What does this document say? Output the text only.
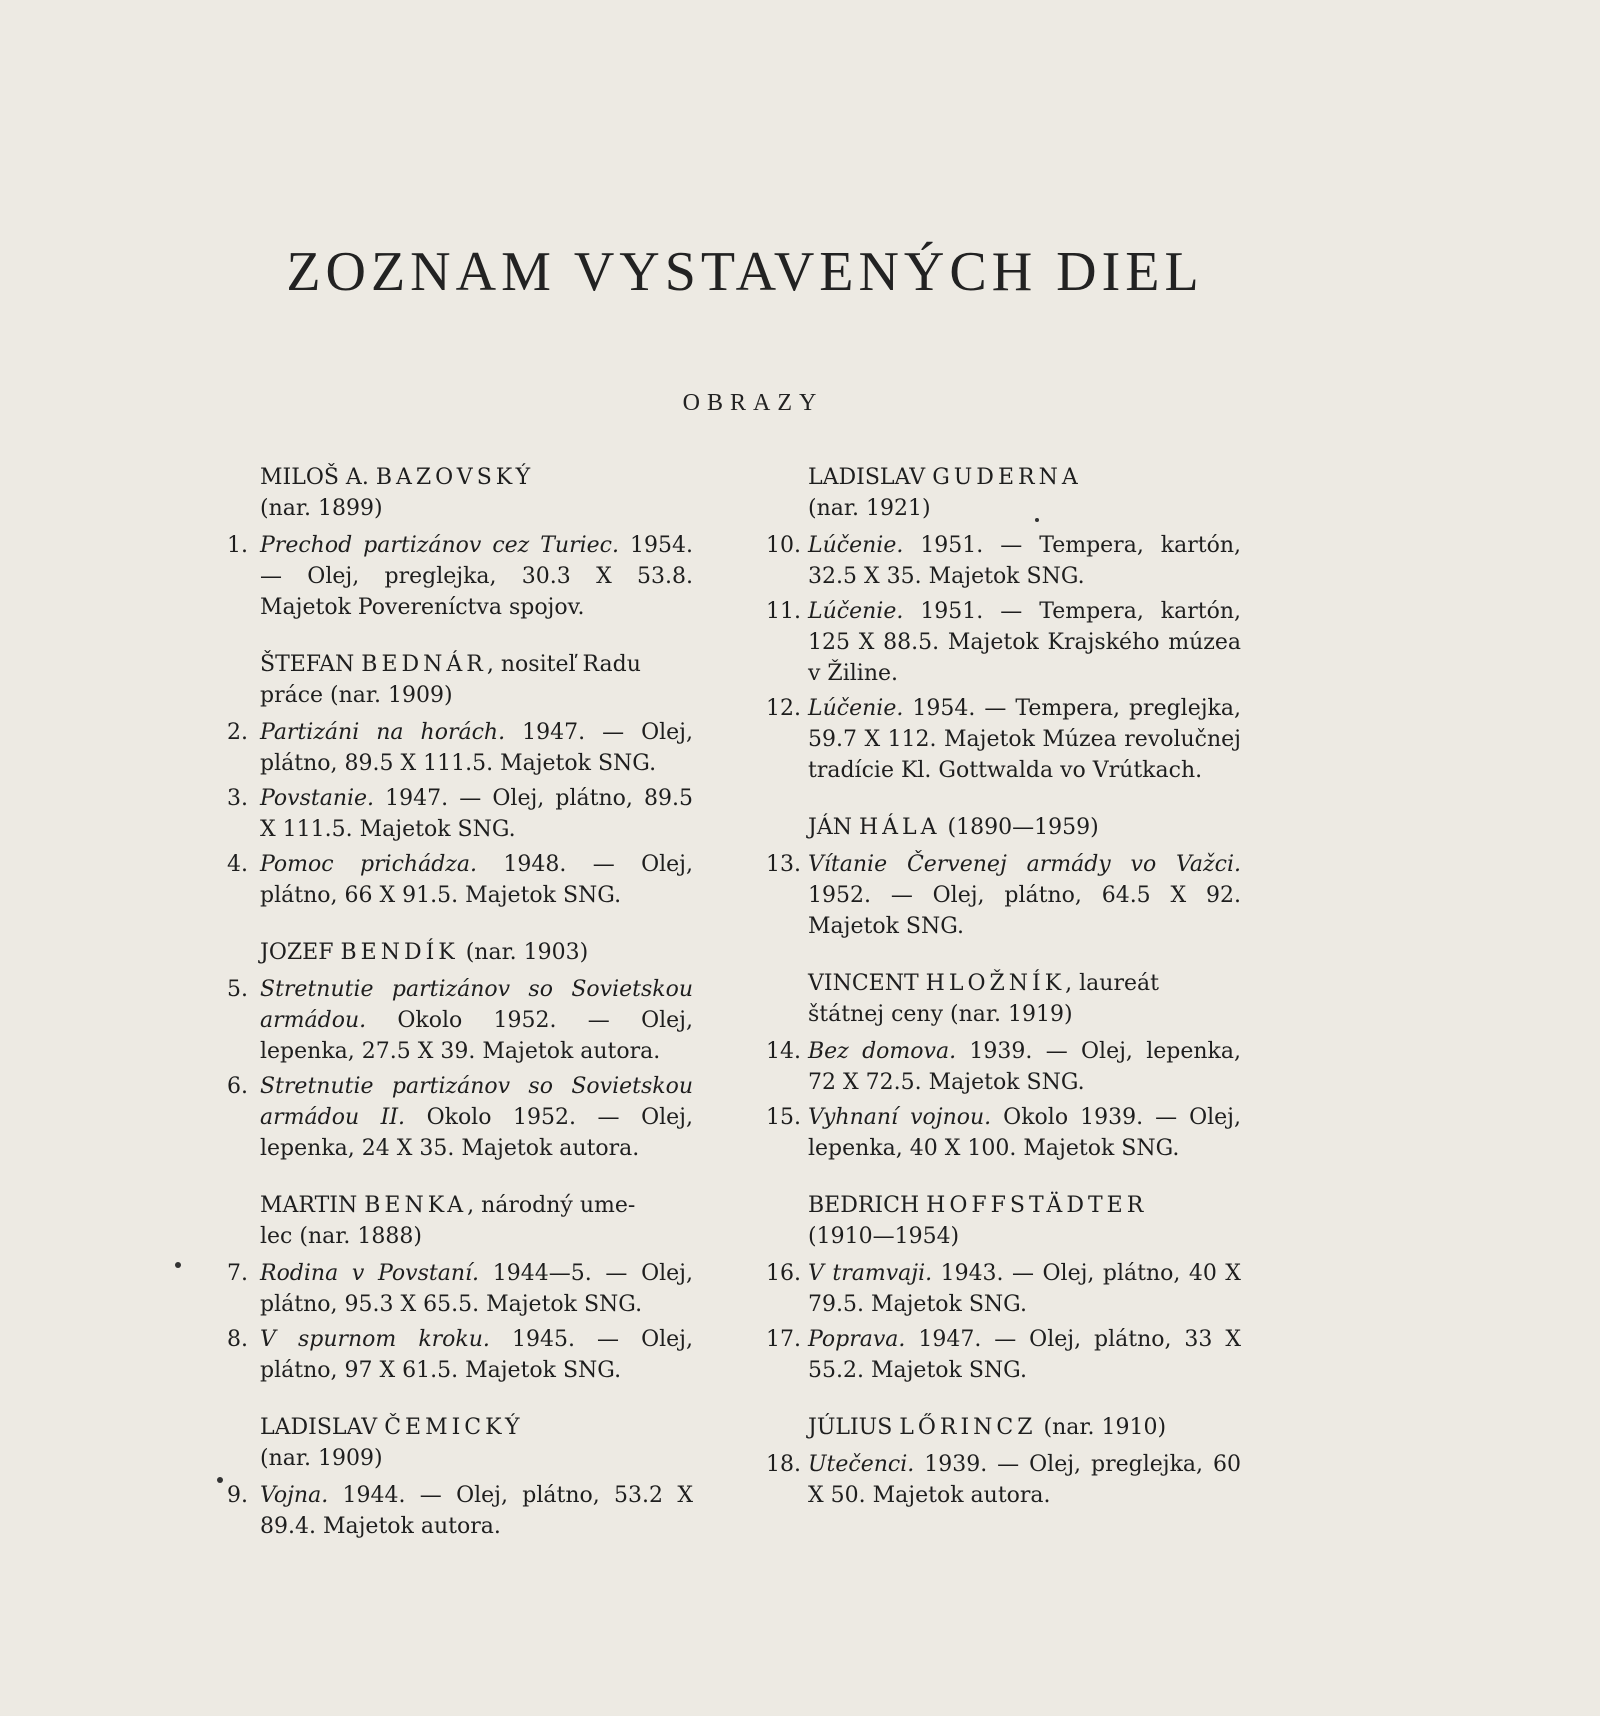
ZOZNAM VYSTAVENÝCH DIEL
OBRAZY
MILOŠ A. BAZOVSKÝ
(nar. 1899)
1. Prechod partizánov cez Turiec. 1954. — Olej, preglejka, 30.3 X 53.8. Majetok Povereníctva spojov.
ŠTEFAN BEDNÁR, nositeľ Radu
práce (nar. 1909)
2. Partizáni na horách. 1947. — Olej, plátno, 89.5 X 111.5. Majetok SNG.
3. Povstanie. 1947. — Olej, plátno, 89.5 X 111.5. Majetok SNG.
4. Pomoc prichádza. 1948. — Olej, plátno, 66 X 91.5. Majetok SNG.
JOZEF BENDÍK (nar. 1903)
5. Stretnutie partizánov so Sovietskou armádou. Okolo 1952. — Olej, lepenka, 27.5 X 39. Majetok autora.
6. Stretnutie partizánov so Sovietskou armádou II. Okolo 1952. — Olej, lepenka, 24 X 35. Majetok autora.
MARTIN BENKA, národný ume-
lec (nar. 1888)
7. Rodina v Povstaní. 1944—5. — Olej, plátno, 95.3 X 65.5. Majetok SNG.
8. V spurnom kroku. 1945. — Olej, plátno, 97 X 61.5. Majetok SNG.
LADISLAV ČEMICKÝ
(nar. 1909)
9. Vojna. 1944. — Olej, plátno, 53.2 X 89.4. Majetok autora.
LADISLAV GUDERNA
(nar. 1921)
10. Lúčenie. 1951. — Tempera, kartón, 32.5 X 35. Majetok SNG.
11. Lúčenie. 1951. — Tempera, kartón, 125 X 88.5. Majetok Krajského múzea v Žiline.
12. Lúčenie. 1954. — Tempera, preglejka, 59.7 X 112. Majetok Múzea revolučnej tradície Kl. Gottwalda vo Vrútkach.
JÁN HÁLA (1890—1959)
13. Vítanie Červenej armády vo Važci. 1952. — Olej, plátno, 64.5 X 92. Majetok SNG.
VINCENT HLOŽNÍK, laureát
štátnej ceny (nar. 1919)
14. Bez domova. 1939. — Olej, lepenka, 72 X 72.5. Majetok SNG.
15. Vyhnaní vojnou. Okolo 1939. — Olej, lepenka, 40 X 100. Majetok SNG.
BEDRICH HOFFSTÄDTER
(1910—1954)
16. V tramvaji. 1943. — Olej, plátno, 40 X 79.5. Majetok SNG.
17. Poprava. 1947. — Olej, plátno, 33 X 55.2. Majetok SNG.
JÚLIUS LŐRINCZ (nar. 1910)
18. Utečenci. 1939. — Olej, preglejka, 60 X 50. Majetok autora.
